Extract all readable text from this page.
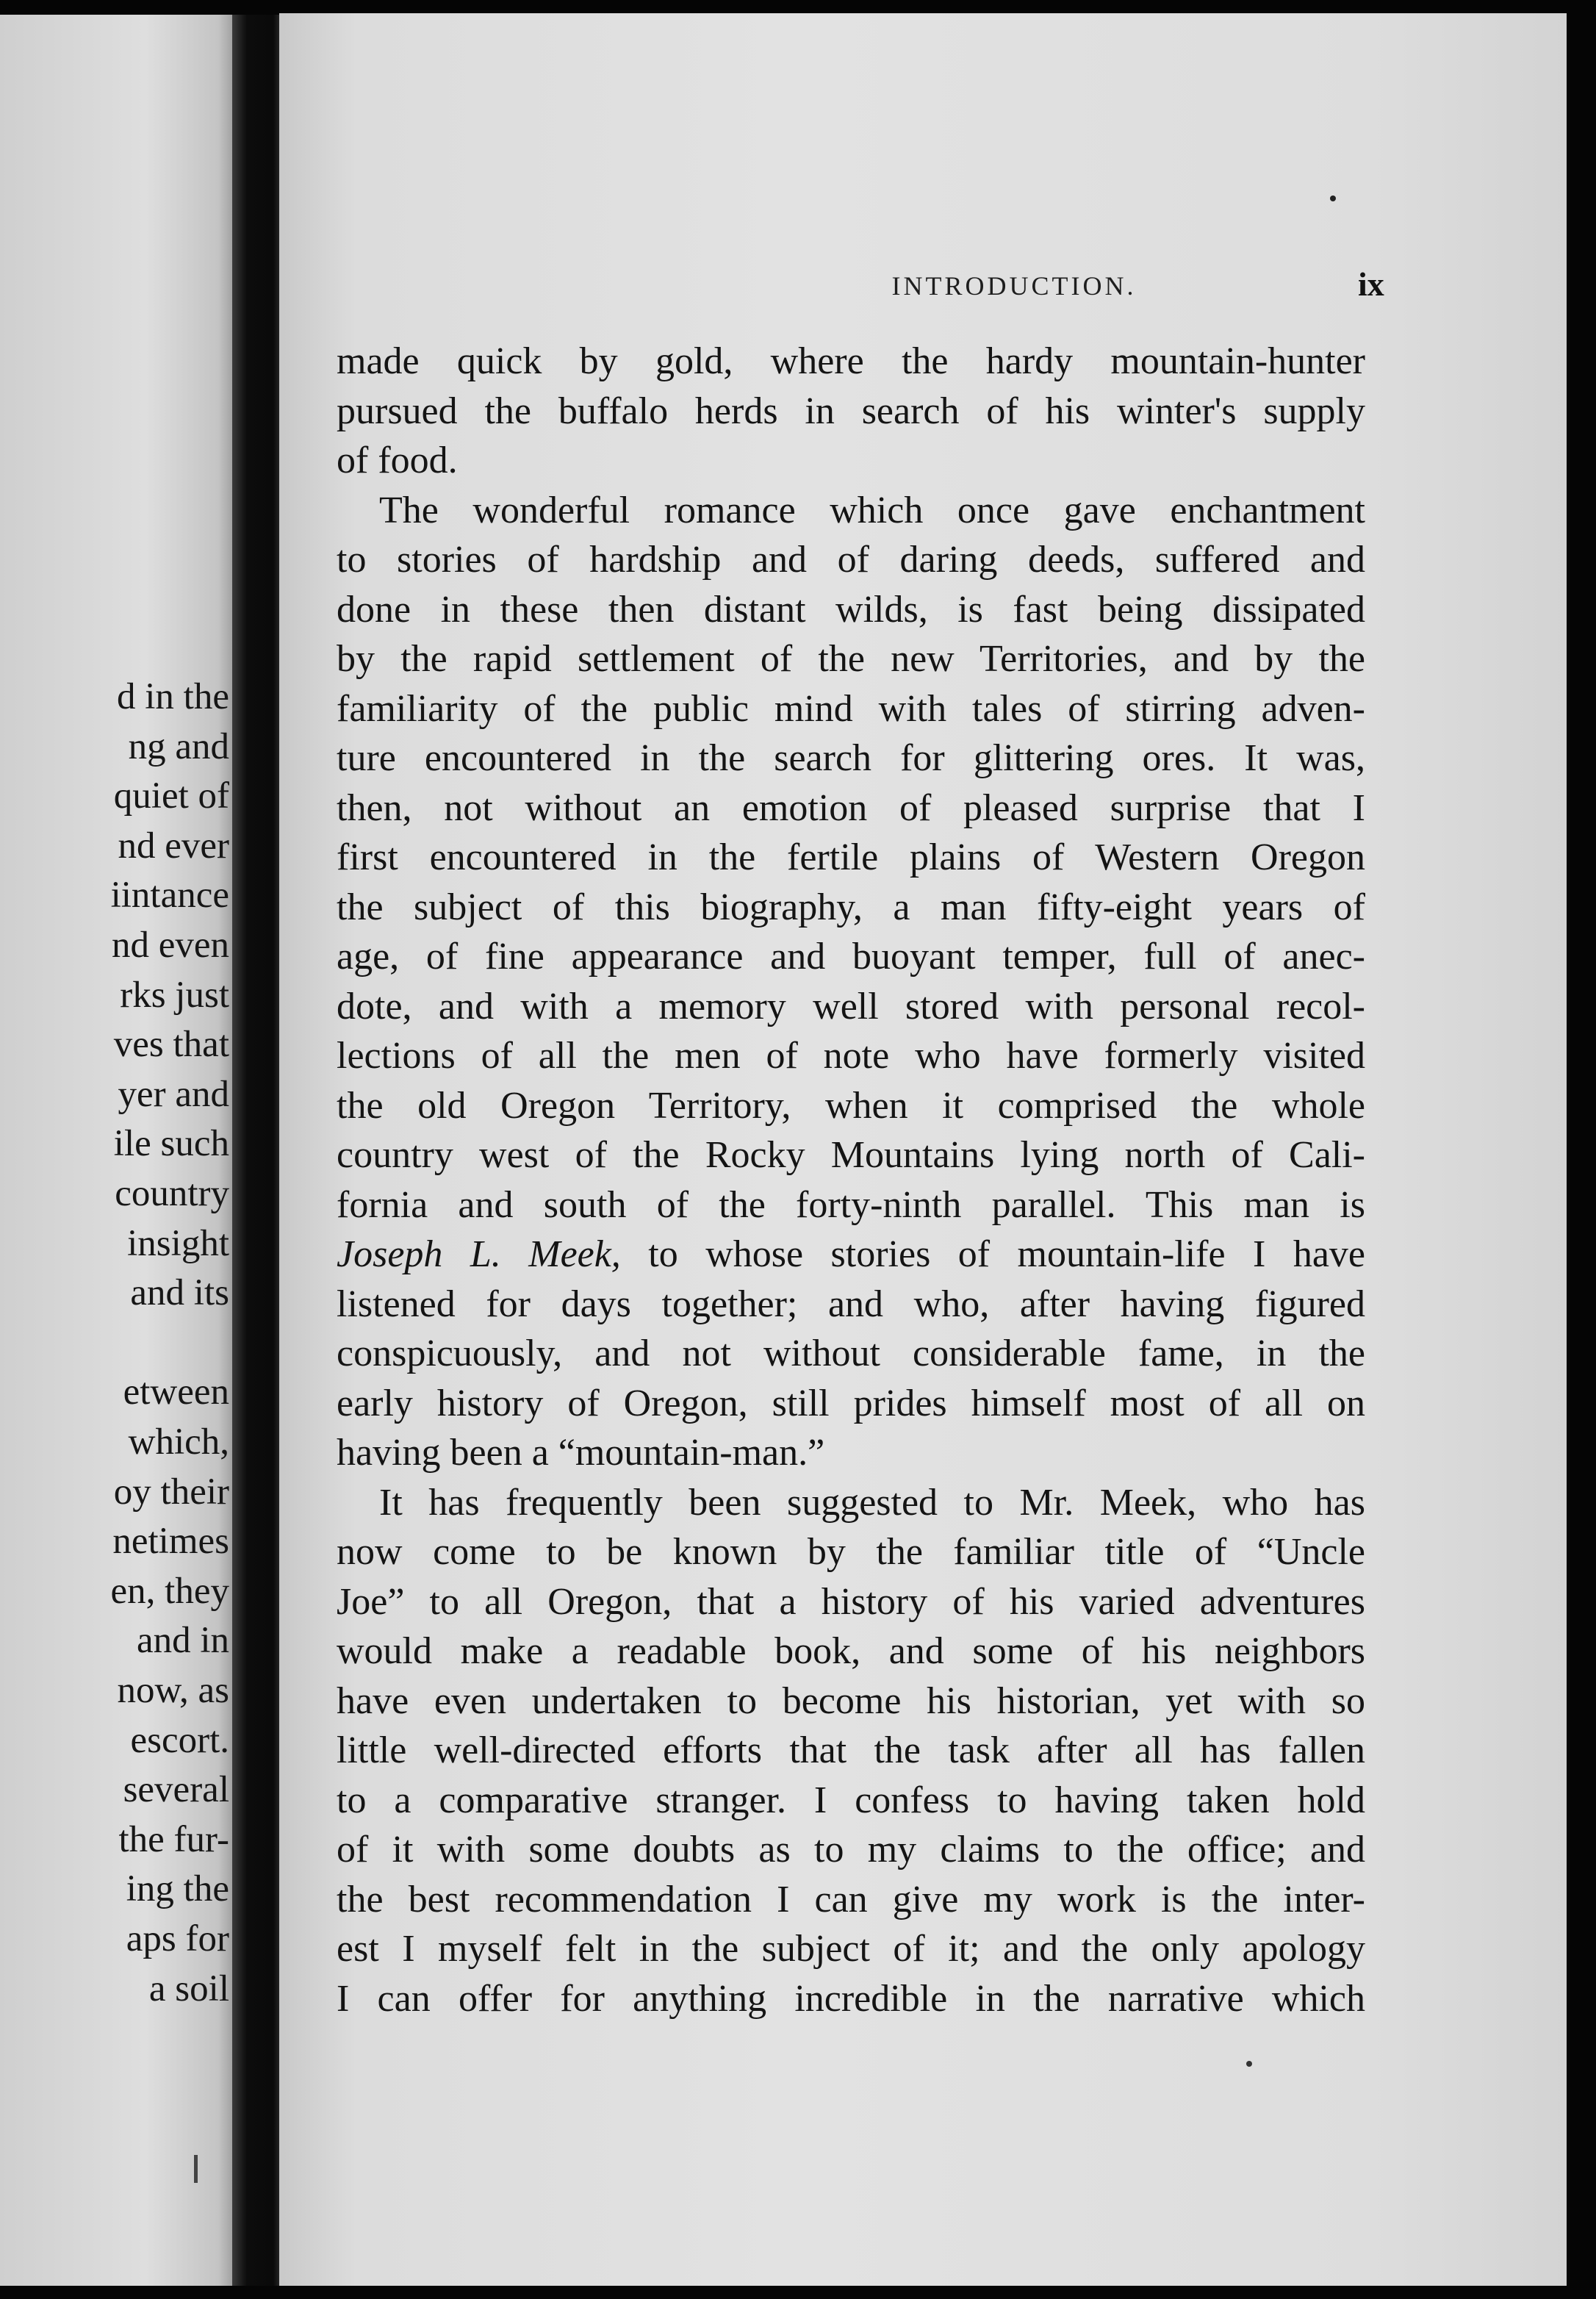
d in the
ng and
quiet of
nd ever
iintance
nd even
rks just
ves that
yer and
ile such
country
insight
and its
etween
which,
oy their
netimes
en, they
and in
now, as
escort.
several
the fur-
ing the
aps for
a soil
INTRODUCTION.	ix
made quick by gold, where the hardy mountain-hunter
pursued the buffalo herds in search of his winter's supply
of food.
The wonderful romance which once gave enchantment
to stories of hardship and of daring deeds, suffered and
done in these then distant wilds, is fast being dissipated
by the rapid settlement of the new Territories, and by the
familiarity of the public mind with tales of stirring adven-
ture encountered in the search for glittering ores. It was,
then, not without an emotion of pleased surprise that I
first encountered in the fertile plains of Western Oregon
the subject of this biography, a man fifty-eight years of
age, of fine appearance and buoyant temper, full of anec-
dote, and with a memory well stored with personal recol-
lections of all the men of note who have formerly visited
the old Oregon Territory, when it comprised the whole
country west of the Rocky Mountains lying north of Cali-
fornia and south of the forty-ninth parallel. This man is
Joseph L. Meek, to whose stories of mountain-life I have
listened for days together; and who, after having figured
conspicuously, and not without considerable fame, in the
early history of Oregon, still prides himself most of all on
having been a “mountain-man.”
It has frequently been suggested to Mr. Meek, who has
now come to be known by the familiar title of “Uncle
Joe” to all Oregon, that a history of his varied adventures
would make a readable book, and some of his neighbors
have even undertaken to become his historian, yet with so
little well-directed efforts that the task after all has fallen
to a comparative stranger. I confess to having taken hold
of it with some doubts as to my claims to the office; and
the best recommendation I can give my work is the inter-
est I myself felt in the subject of it; and the only apology
I can offer for anything incredible in the narrative which
